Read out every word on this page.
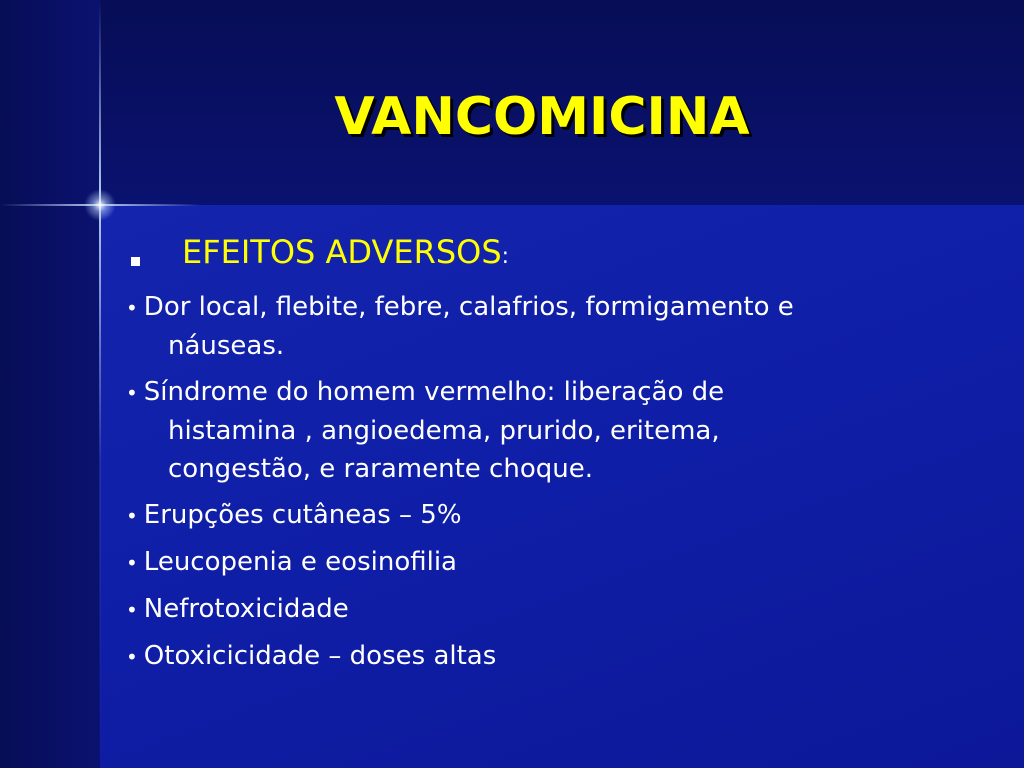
VANCOMICINA
EFEITOS ADVERSOS:
• Dor local, flebite, febre, calafrios, formigamento e
náuseas.
• Síndrome do homem vermelho: liberação de
histamina , angioedema, prurido, eritema,
congestão, e raramente choque.
• Erupções cutâneas – 5%
• Leucopenia e eosinofilia
• Nefrotoxicidade
• Otoxicicidade – doses altas
